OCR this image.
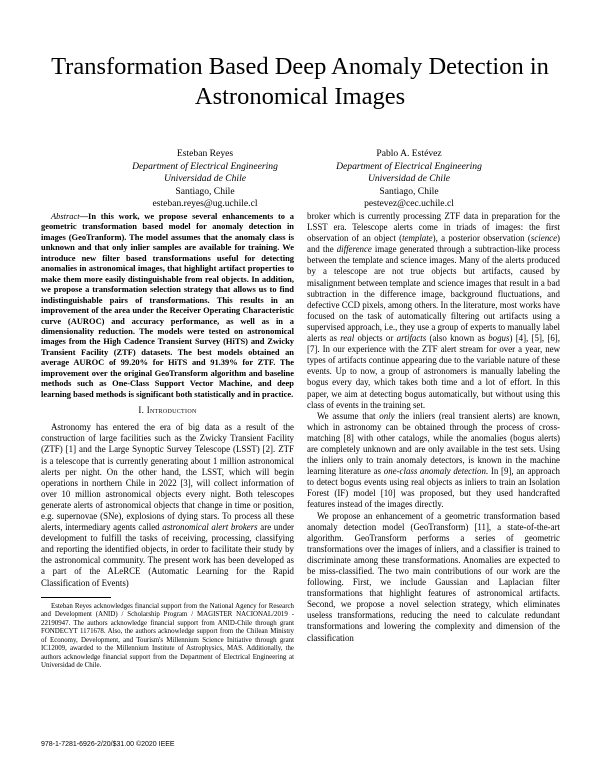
Transformation Based Deep Anomaly Detection in Astronomical Images
Esteban Reyes
Department of Electrical Engineering
Universidad de Chile
Santiago, Chile
esteban.reyes@ug.uchile.cl
Pablo A. Estévez
Department of Electrical Engineering
Universidad de Chile
Santiago, Chile
pestevez@cec.uchile.cl

Abstract—In this work, we propose several enhancements to a geometric transformation based model for anomaly detection in images (GeoTranform). The model assumes that the anomaly class is unknown and that only inlier samples are available for training. We introduce new filter based transformations useful for detecting anomalies in astronomical images, that highlight artifact properties to make them more easily distinguishable from real objects. In addition, we propose a transformation selection strategy that allows us to find indistinguishable pairs of transformations. This results in an improvement of the area under the Receiver Operating Characteristic curve (AUROC) and accuracy performance, as well as in a dimensionality reduction. The models were tested on astronomical images from the High Cadence Transient Survey (HiTS) and Zwicky Transient Facility (ZTF) datasets. The best models obtained an average AUROC of 99.20% for HiTS and 91.39% for ZTF. The improvement over the original GeoTransform algorithm and baseline methods such as One-Class Support Vector Machine, and deep learning based methods is significant both statistically and in practice.

I. Introduction

Astronomy has entered the era of big data as a result of the construction of large facilities such as the Zwicky Transient Facility (ZTF) [1] and the Large Synoptic Survey Telescope (LSST) [2]. ZTF is a telescope that is currently generating about 1 million astronomical alerts per night. On the other hand, the LSST, which will begin operations in northern Chile in 2022 [3], will collect information of over 10 million astronomical objects every night. Both telescopes generate alerts of astronomical objects that change in time or position, e.g. supernovae (SNe), explosions of dying stars. To process all these alerts, intermediary agents called astronomical alert brokers are under development to fulfill the tasks of receiving, processing, classifying and reporting the identified objects, in order to facilitate their study by the astronomical community. The present work has been developed as a part of the ALeRCE (Automatic Learning for the Rapid Classification of Events)

Esteban Reyes acknowledges financial support from the National Agency for Research and Development (ANID) / Scholarship Program / MAGISTER NACIONAL/2019 - 22190947. The authors acknowledge financial support from ANID-Chile through grant FONDECYT 1171678. Also, the authors acknowledge support from the Chilean Ministry of Economy, Development, and Tourism's Millennium Science Initiative through grant IC12009, awarded to the Millennium Institute of Astrophysics, MAS. Additionally, the authors acknowledge financial support from the Department of Electrical Engineering at Universidad de Chile.

broker which is currently processing ZTF data in preparation for the LSST era. Telescope alerts come in triads of images: the first observation of an object (template), a posterior observation (science) and the difference image generated through a subtraction-like process between the template and science images. Many of the alerts produced by a telescope are not true objects but artifacts, caused by misalignment between template and science images that result in a bad subtraction in the difference image, background fluctuations, and defective CCD pixels, among others. In the literature, most works have focused on the task of automatically filtering out artifacts using a supervised approach, i.e., they use a group of experts to manually label alerts as real objects or artifacts (also known as bogus) [4], [5], [6], [7]. In our experience with the ZTF alert stream for over a year, new types of artifacts continue appearing due to the variable nature of these events. Up to now, a group of astronomers is manually labeling the bogus every day, which takes both time and a lot of effort. In this paper, we aim at detecting bogus automatically, but without using this class of events in the training set.

We assume that only the inliers (real transient alerts) are known, which in astronomy can be obtained through the process of cross-matching [8] with other catalogs, while the anomalies (bogus alerts) are completely unknown and are only available in the test sets. Using the inliers only to train anomaly detectors, is known in the machine learning literature as one-class anomaly detection. In [9], an approach to detect bogus events using real objects as inliers to train an Isolation Forest (IF) model [10] was proposed, but they used handcrafted features instead of the images directly.

We propose an enhancement of a geometric transformation based anomaly detection model (GeoTransform) [11], a state-of-the-art algorithm. GeoTransform performs a series of geometric transformations over the images of inliers, and a classifier is trained to discriminate among these transformations. Anomalies are expected to be miss-classified. The two main contributions of our work are the following. First, we include Gaussian and Laplacian filter transformations that highlight features of astronomical artifacts. Second, we propose a novel selection strategy, which eliminates useless transformations, reducing the need to calculate redundant transformations and lowering the complexity and dimension of the classification

978-1-7281-6926-2/20/$31.00 ©2020 IEEE
